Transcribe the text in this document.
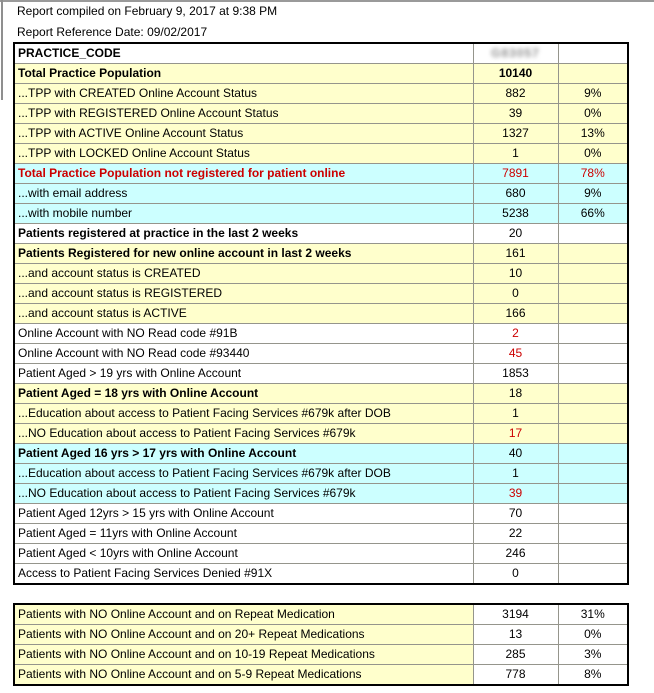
Report compiled on February 9, 2017 at 9:38 PM
Report Reference Date: 09/02/2017
PRACTICE_CODE	G83057	
Total Practice Population	10140	
...TPP with CREATED Online Account Status	882	9%
...TPP with REGISTERED Online Account Status	39	0%
...TPP with ACTIVE Online Account Status	1327	13%
...TPP with LOCKED Online Account Status	1	0%
Total Practice Population not registered for patient online	7891	78%
...with email address	680	9%
...with mobile number	5238	66%
Patients registered at practice in the last 2 weeks	20	
Patients Registered for new online account in last 2 weeks	161	
...and account status is CREATED	10	
...and account status is REGISTERED	0	
...and account status is ACTIVE	166	
Online Account with NO Read code #91B	2	
Online Account with NO Read code #93440	45	
Patient Aged > 19 yrs with Online Account	1853	
Patient Aged = 18 yrs with Online Account	18	
...Education about access to Patient Facing Services #679k after DOB	1	
...NO Education about access to Patient Facing Services #679k	17	
Patient Aged 16 yrs > 17 yrs with Online Account	40	
...Education about access to Patient Facing Services #679k after DOB	1	
...NO Education about access to Patient Facing Services #679k	39	
Patient Aged 12yrs > 15 yrs with Online Account	70	
Patient Aged = 11yrs with Online Account	22	
Patient Aged < 10yrs with Online Account	246	
Access to Patient Facing Services Denied #91X	0	
Patients with NO Online Account and on Repeat Medication	3194	31%
Patients with NO Online Account and on 20+ Repeat Medications	13	0%
Patients with NO Online Account and on 10-19 Repeat Medications	285	3%
Patients with NO Online Account and on 5-9 Repeat Medications	778	8%
